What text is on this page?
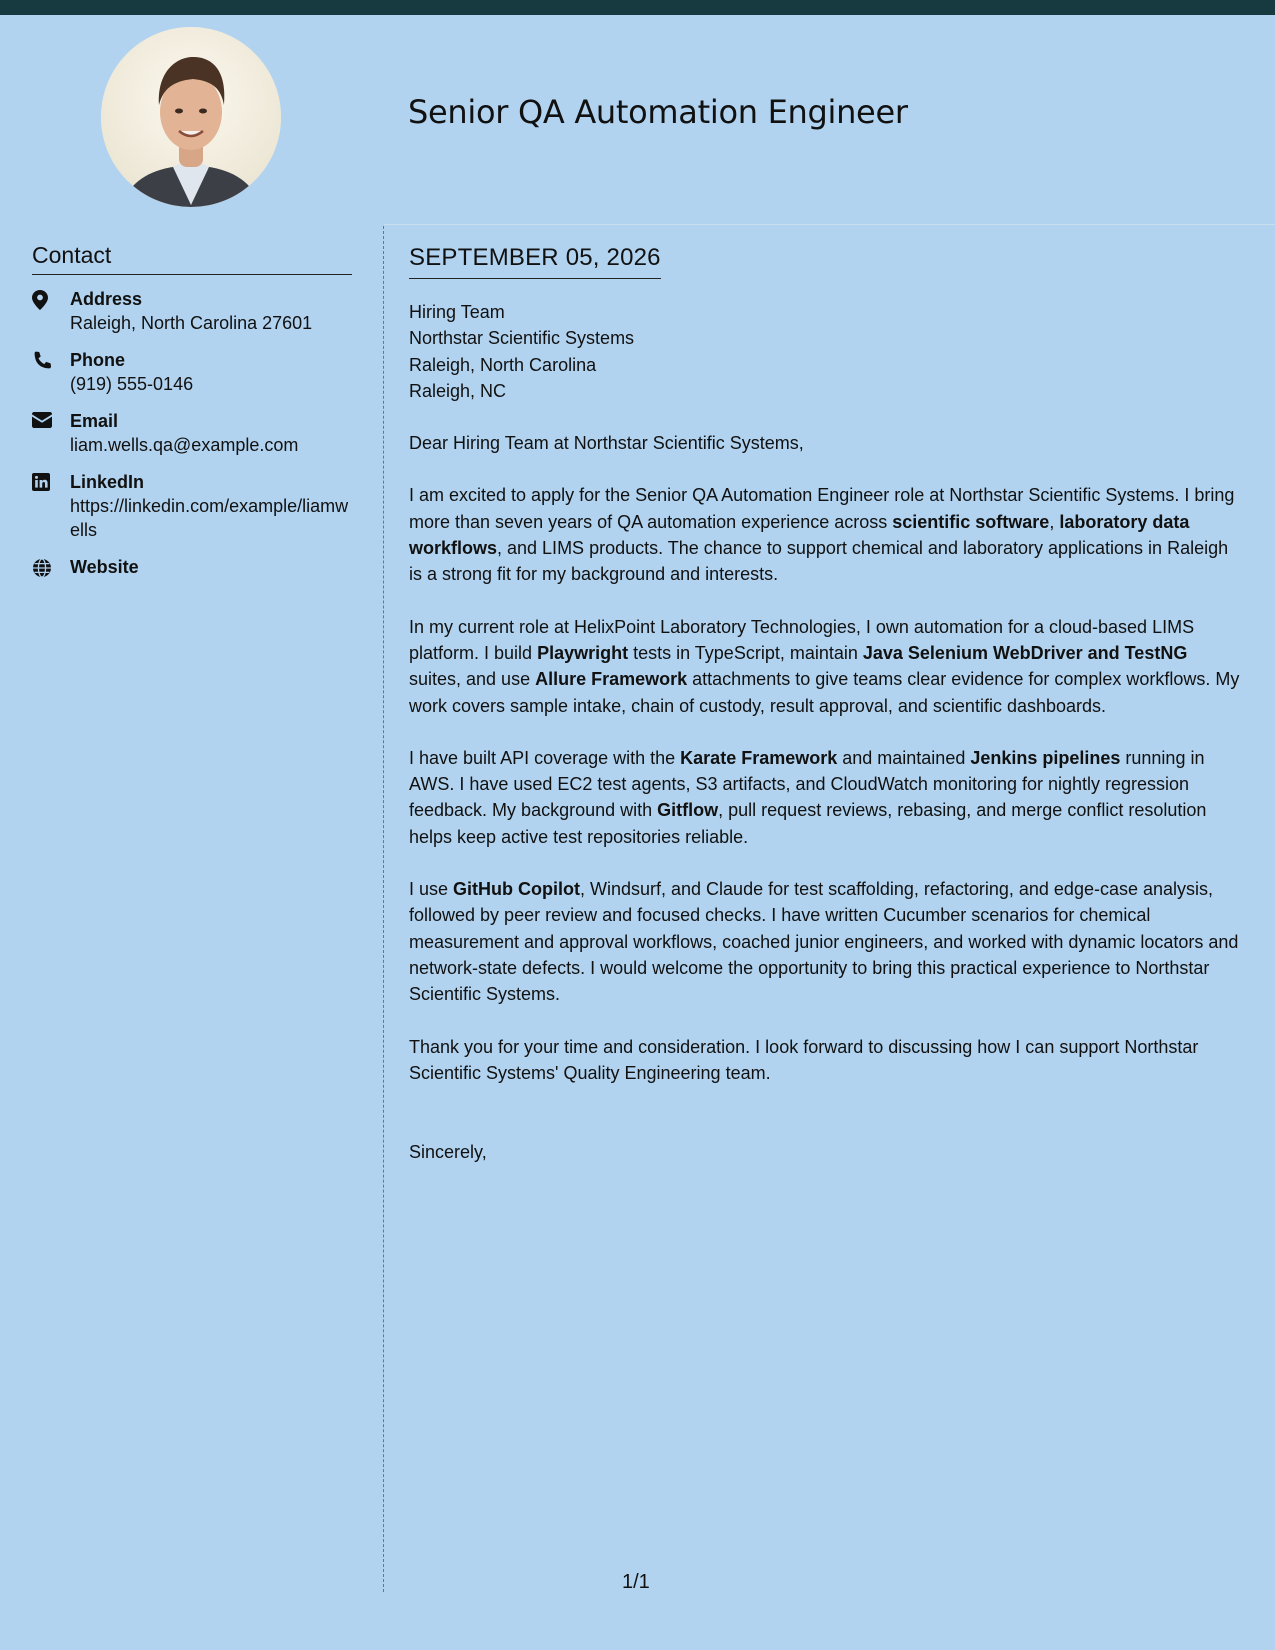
Senior QA Automation Engineer
Contact
Address
Raleigh, North Carolina 27601
Phone
(919) 555-0146
Email
liam.wells.qa@example.com
LinkedIn
https://linkedin.com/example/liamwells
Website
SEPTEMBER 05, 2026
Hiring Team
Northstar Scientific Systems
Raleigh, North Carolina
Raleigh, NC
Dear Hiring Team at Northstar Scientific Systems,

I am excited to apply for the Senior QA Automation Engineer role at Northstar Scientific Systems. I bring more than seven years of QA automation experience across scientific software, laboratory data workflows, and LIMS products. The chance to support chemical and laboratory applications in Raleigh is a strong fit for my background and interests.

In my current role at HelixPoint Laboratory Technologies, I own automation for a cloud-based LIMS platform. I build Playwright tests in TypeScript, maintain Java Selenium WebDriver and TestNG suites, and use Allure Framework attachments to give teams clear evidence for complex workflows. My work covers sample intake, chain of custody, result approval, and scientific dashboards.

I have built API coverage with the Karate Framework and maintained Jenkins pipelines running in AWS. I have used EC2 test agents, S3 artifacts, and CloudWatch monitoring for nightly regression feedback. My background with Gitflow, pull request reviews, rebasing, and merge conflict resolution helps keep active test repositories reliable.

I use GitHub Copilot, Windsurf, and Claude for test scaffolding, refactoring, and edge-case analysis, followed by peer review and focused checks. I have written Cucumber scenarios for chemical measurement and approval workflows, coached junior engineers, and worked with dynamic locators and network-state defects. I would welcome the opportunity to bring this practical experience to Northstar Scientific Systems.

Thank you for your time and consideration. I look forward to discussing how I can support Northstar Scientific Systems' Quality Engineering team.

Sincerely,
1/1
